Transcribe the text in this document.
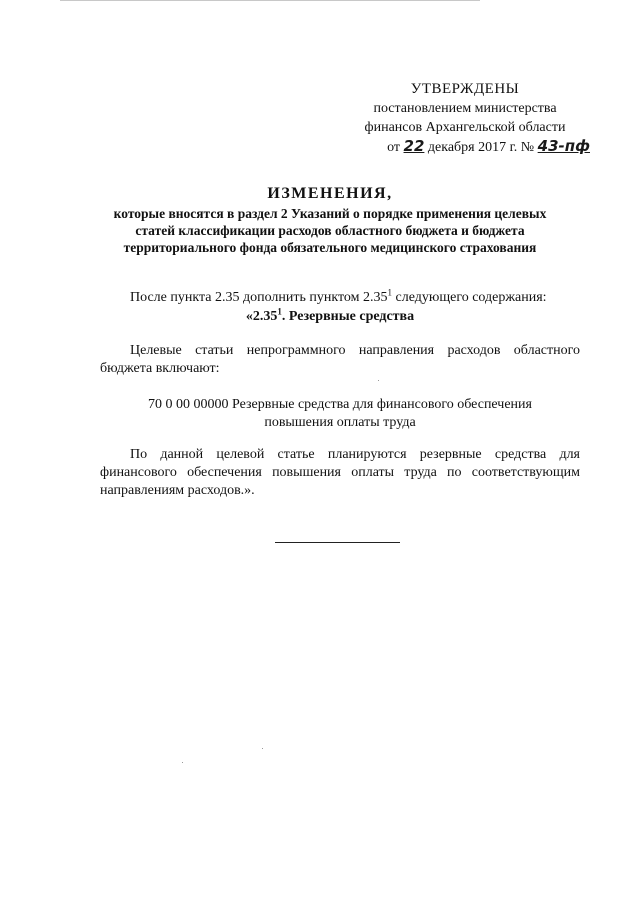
УТВЕРЖДЕНЫ
постановлением министерства
финансов Архангельской области
от 22 декабря 2017 г. № 43-пф
ИЗМЕНЕНИЯ,
которые вносятся в раздел 2 Указаний о порядке применения целевых
статей классификации расходов областного бюджета и бюджета
территориального фонда обязательного медицинского страхования
После пункта 2.35 дополнить пунктом 2.35$^1$ следующего содержания:
«2.35$^1$. Резервные средства
Целевые статьи непрограммного направления расходов областного бюджета включают:
70 0 00 00000 Резервные средства для финансового обеспечения
повышения оплаты труда
По данной целевой статье планируются резервные средства для финансового обеспечения повышения оплаты труда по соответствующим направлениям расходов.».
